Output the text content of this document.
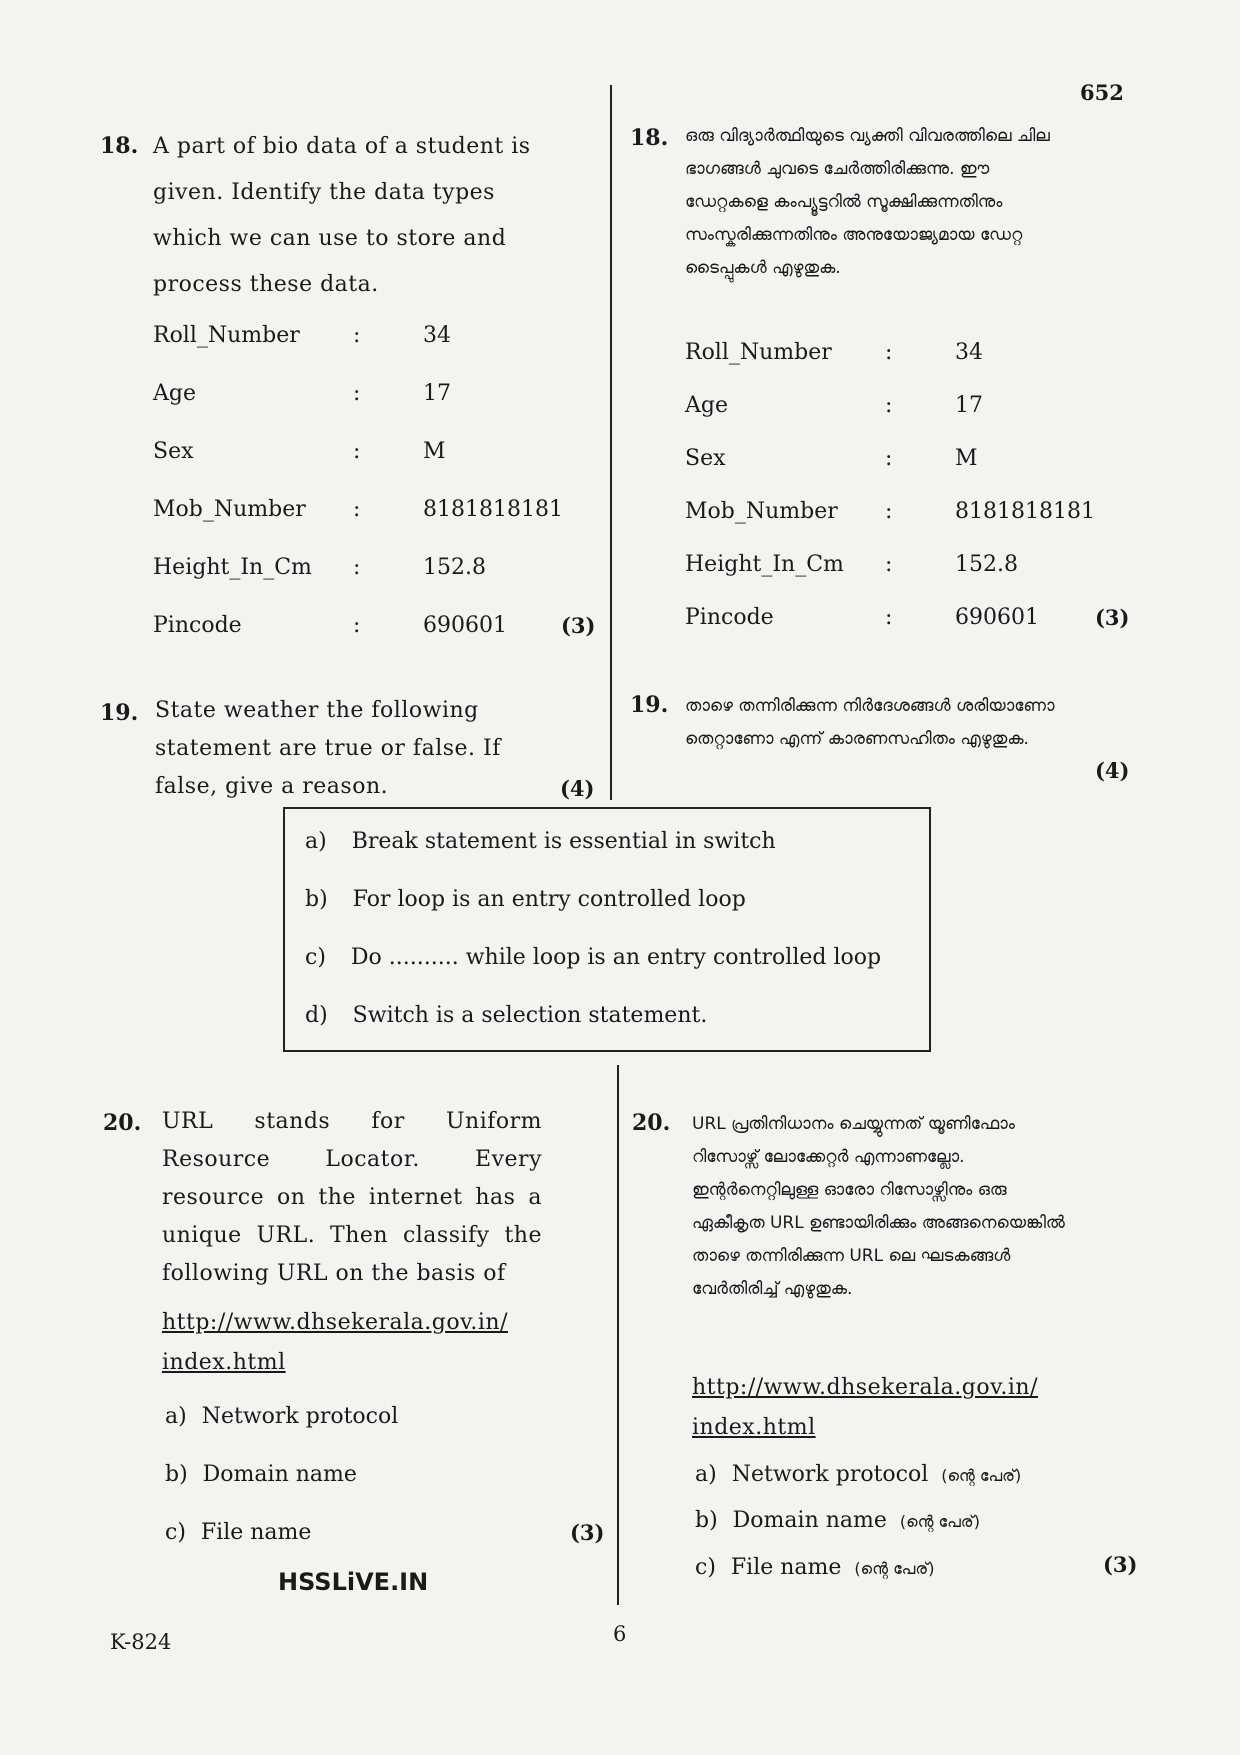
652
18. A part of bio data of a student is given. Identify the data types which we can use to store and process these data.
Roll_Number :	34
Age	:	17
Sex	:	M
Mob_Number :	8181818181
Height_In_Cm :	152.8
Pincode	:	690601	(3)
18. ഒരു വിദ്യാർത്ഥിയുടെ വ്യക്തി വിവരത്തിലെ ചില ഭാഗങ്ങൾ ചുവടെ ചേർത്തിരിക്കുന്നു. ഈ ഡേറ്റകളെ കംപ്യൂട്ടറിൽ സൂക്ഷിക്കുന്നതിനും സംസ്കരിക്കുന്നതിനും അനുയോജ്യമായ ഡേറ്റ ടൈപ്പുകൾ എഴുതുക.
Roll_Number :	34
Age	:	17
Sex	:	M
Mob_Number :	8181818181
Height_In_Cm :	152.8
Pincode	:	690601	(3)
19. State weather the following statement are true or false. If false, give a reason.	(4)
19. താഴെ തന്നിരിക്കുന്ന നിർദേശങ്ങൾ ശരിയാണോ തെറ്റാണോ എന്ന് കാരണസഹിതം എഴുതുക.
(4)
a) Break statement is essential in switch
b) For loop is an entry controlled loop
c) Do .......... while loop is an entry controlled loop
d) Switch is a selection statement.
20. URL stands for Uniform Resource Locator. Every resource on the internet has a unique URL. Then classify the following URL on the basis of
http://www.dhsekerala.gov.in/
index.html
a) Network protocol
b) Domain name
c) File name	(3)
20. URL പ്രതിനിധാനം ചെയ്യുന്നത് യൂണിഫോം റിസോഴ്സ് ലോക്കേറ്റർ എന്നാണല്ലോ. ഇന്റർനെറ്റിലുള്ള ഓരോ റിസോഴ്സിനും ഒരു ഏകീകൃത URL ഉണ്ടായിരിക്കും അങ്ങനെയെങ്കിൽ താഴെ തന്നിരിക്കുന്ന URL ലെ ഘടകങ്ങൾ വേർതിരിച്ച് എഴുതുക.
http://www.dhsekerala.gov.in/
index.html
a) Network protocol (ന്റെ പേര്)
b) Domain name (ന്റെ പേര്)
c) File name (ന്റെ പേര്)	(3)
HSSLiVE.IN
K-824	6
